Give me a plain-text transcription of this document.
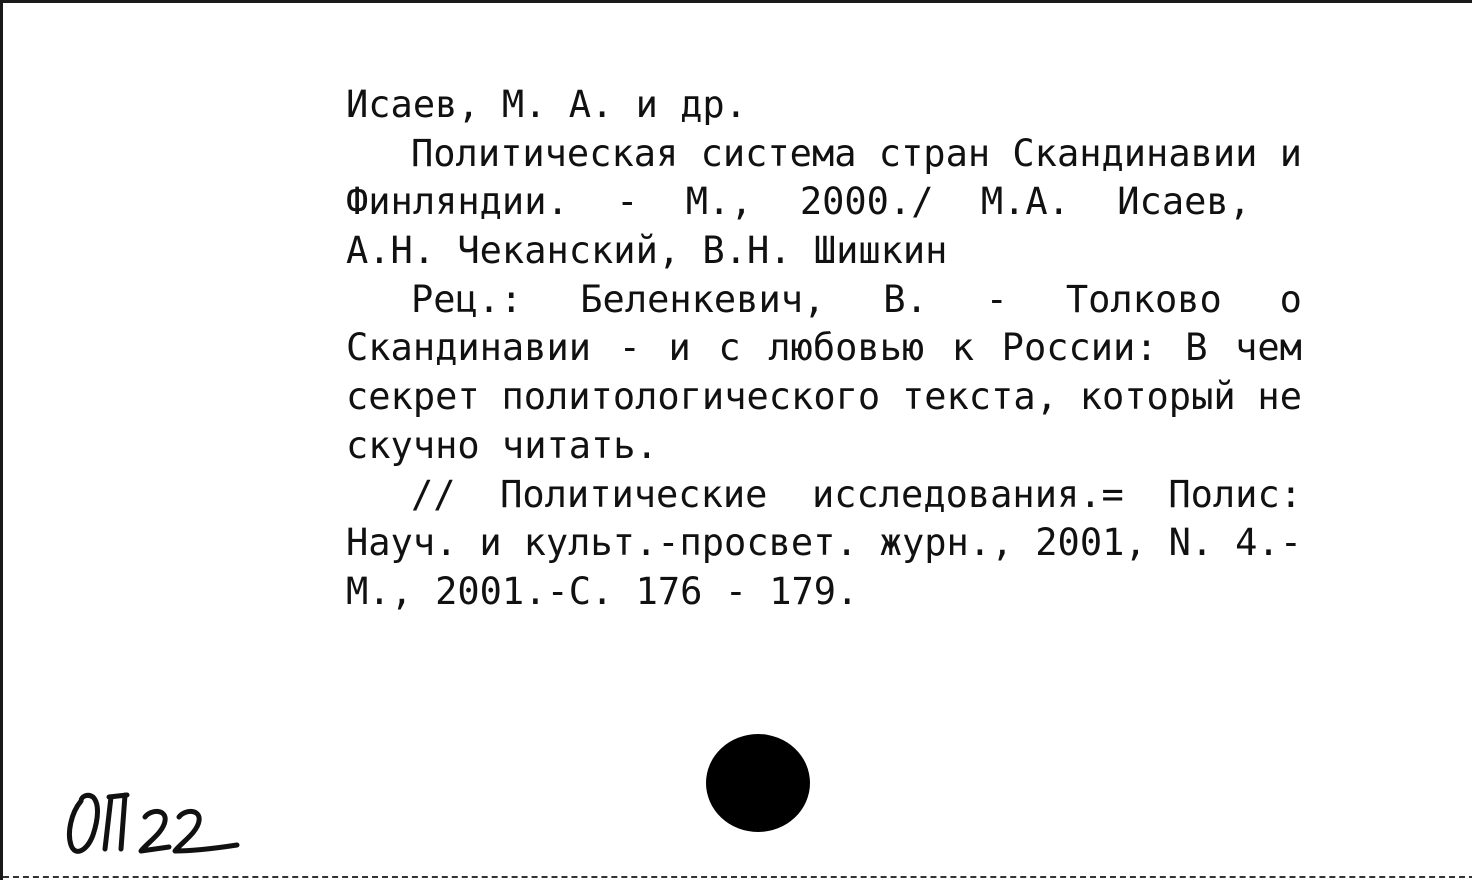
Исаев, М. А. и др.
Политическая система стран Скандинавии и
Финляндии. - М., 2000./ М.А. Исаев,
А.Н. Чеканский, В.Н. Шишкин
Рец.: Беленкевич, В. - Толково о
Скандинавии - и с любовью к России: В чем
секрет политологического текста, который не
скучно читать.
// Политические исследования.= Полис:
Науч. и культ.-просвет. журн., 2001, N. 4.-
М., 2001.-С. 176 - 179.
